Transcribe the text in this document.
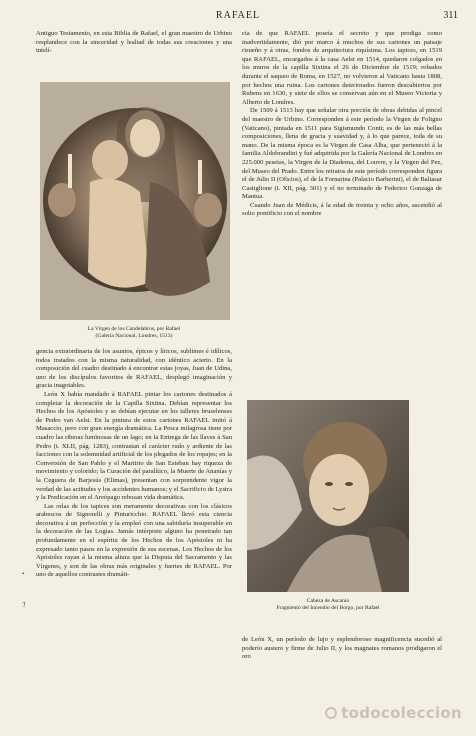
RAFAEL	311

Antiguo Testamento, en esta Biblia de Rafael, el gran maestro de Urbino resplandece con la sinceridad y lealtad de todas sus creaciones y una intelí-

La Virgen de los Candelabros, por Rafael
(Galería Nacional, Londres, 1513)

cia de que RAFAEL poseía el secreto y que prodiga como inadvertidamente, dió por marco á muchos de sus cartones un paisaje risueño y á otras, fondos de arquitectura riquísima. Los tapices, en 1519 que RAFAEL, encargados á la casa Aelst en 1514, quedaron colgados en los muros de la capilla Sixtina el 26 de Diciembre de 1519; robados durante el saqueo de Roma, en 1527, no volvieron al Vaticano hasta 1808, por hechos una ruina. Los cartones deteriorados fueron descubiertos por Rubens en 1630, y siete de ellos se conservan aún en el Museo Victoria y Alberto de Londres.

De 1509 á 1513 hay que señalar otra porción de obras debidas al pincel del maestro de Urbino. Corresponden á este período la Virgen de Foligno (Vaticano), pintada en 1511 para Sigismundo Conti; es de las más bellas composiciones, llena de gracia y suavidad y, á lo que parece, toda de su mano. De la misma época es la Virgen de Casa Alba, que perteneció á la familia Aldobrandini y fué adquirida por la Galería Nacional de Londres en 225.000 pesetas, la Virgen de la Diadema, del Louvre, y la Virgen del Pez, del Museo del Prado. Entre los retratos de este período corresponden figura el de Julio II (Oficios), el de la Fornarina (Palacio Barberini), el de Baltasar Castiglione (t. XII, pág. 301) y el no terminado de Federico Gonzaga de Mantua.

Cuando Juan de Médicis, á la edad de treinta y ocho años, ascendió al solio pontificio con el nombre

gencia extraordinaria de los asuntos, épicos y líricos, sublimes é idílicos, todos tratados con la misma naturalidad, con idéntico acierto. En la composición del cuadro destinado á encontrar estas joyas, Juan de Udina, uno de los discípulos favoritos de RAFAEL, desplegó imaginación y gracia inagotables.

León X había mandado á RAFAEL pintar los cartones destinados á completar la decoración de la Capilla Sixtina. Debían representar los Hechos de los Apóstoles y se debían ejecutar en los talleres bruselenses de Pedro van Aelst. En la pintura de estos cartones RAFAEL imitó á Masaccio, pero con gran energía dramática. La Pesca milagrosa tiene por cuadro las riberas luminosas de un lago; en la Entrega de las llaves á San Pedro (t. XLII, pág. 1283), contrastan el carácter rudo y ardiente de las facciones con la solemnidad artificial de los plegados de los ropajes; en la Conversión de San Pablo y el Martirio de San Esteban hay riqueza de movimiento y colorido; la Curación del paralítico, la Muerte de Ananías y la Ceguera de Barjesús (Elimas), presentan con sorprendente vigor la verdad de las actitudes y los accidentes humanos; y el Sacrificio de Lystra y la Predicación en el Areópago rebosan vida dramática.

Las orlas de los tapices son meramente decorativas con los clásicos arabescos de Signorelli y Pinturicchio. RAFAEL llevó esta ciencia decorativa á un perfección y la empleó con una sabiduría insuperable en la decoración de las Logias. Jamás intérprete alguno ha penetrado tan profundamente en el espíritu de los Hechos de los Apóstoles ni ha expresado tanto pasos en la expresión de sus escenas. Los Hechos de los Apóstoles rayan á la misma altura que la Disputa del Sacramento y las Vírgenes, y son de las obras más originales y fuertes de RAFAEL. Por uno de aquellos contrastes dramáti-

Cabeza de Ascanio
Fragmento del Incendio del Borgo, por Rafael

de León X, un período de lujo y esplendoroso magnificencia sucedió al poderío austero y firme de Julio II, y los magnates romanos prodigaron el oro

•
⁊
todocoleccion
